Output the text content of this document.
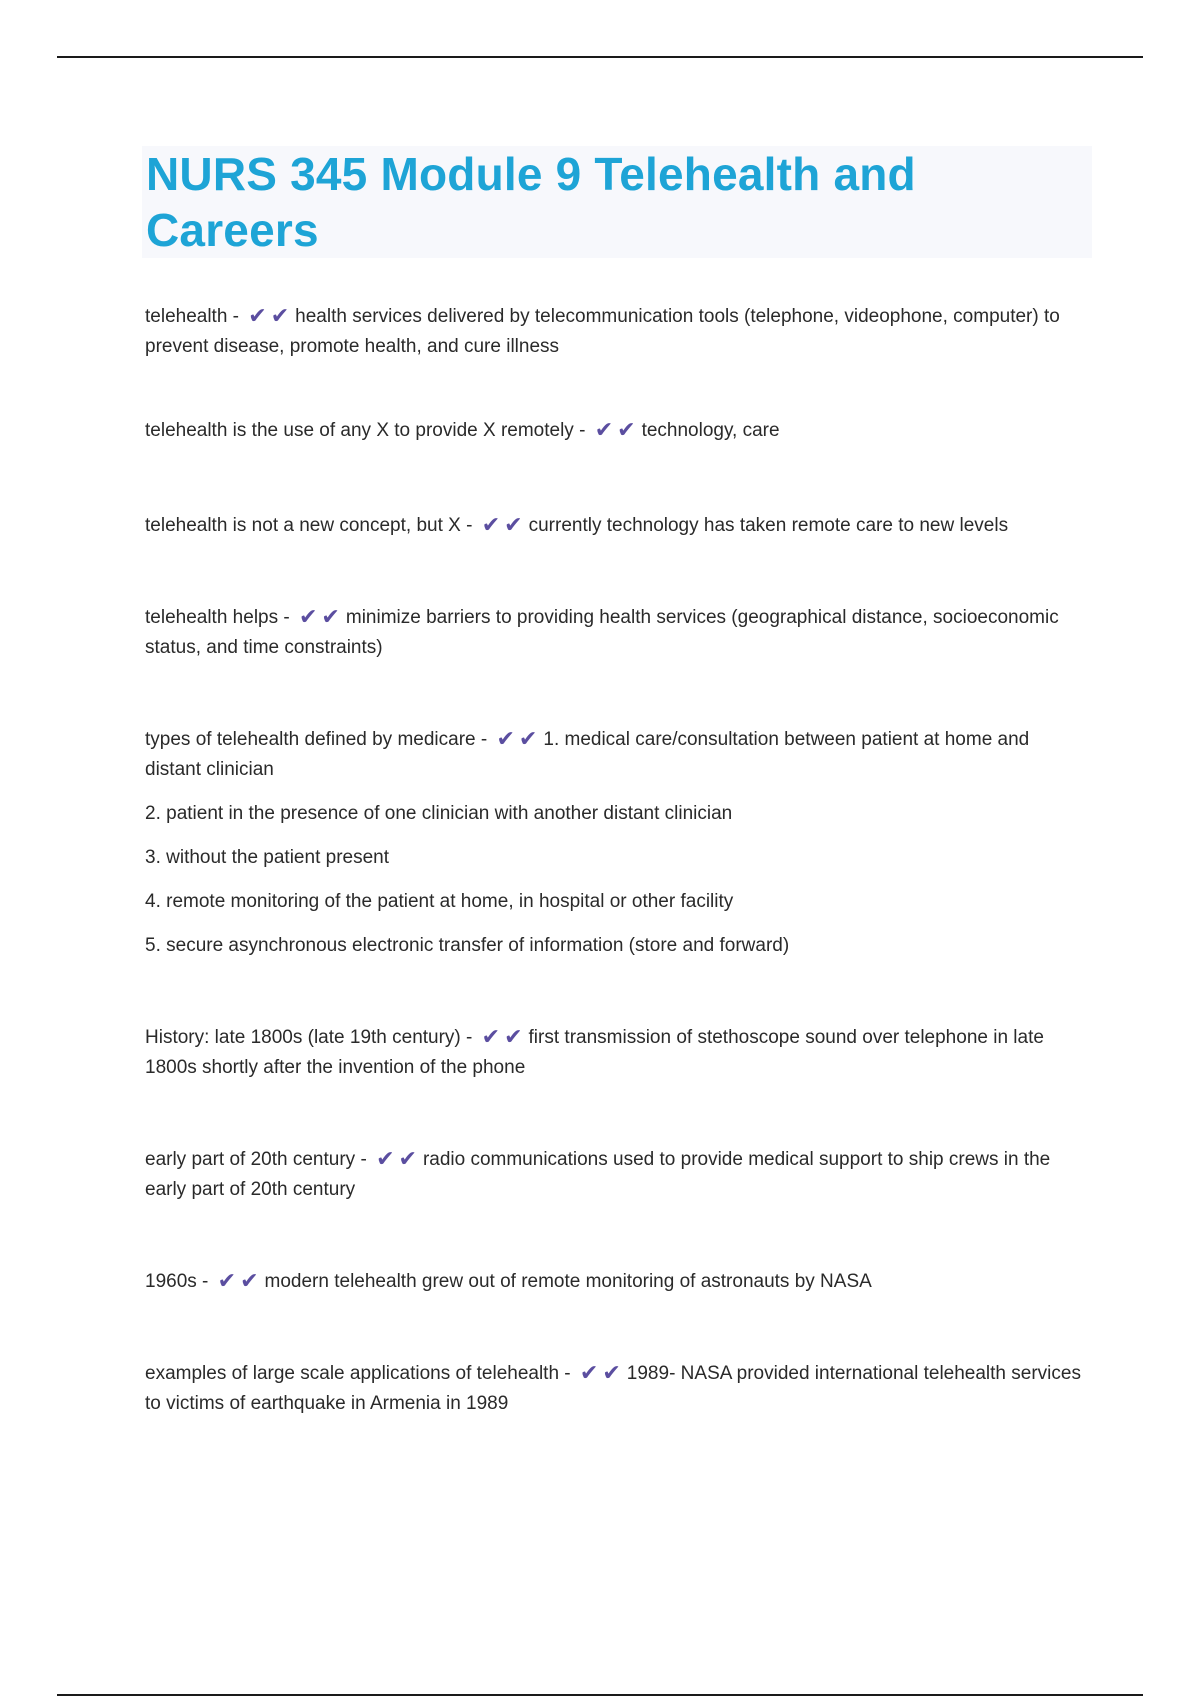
NURS 345 Module 9 Telehealth and Careers

telehealth - ✔✔ health services delivered by telecommunication tools (telephone, videophone, computer) to prevent disease, promote health, and cure illness

telehealth is the use of any X to provide X remotely - ✔✔ technology, care

telehealth is not a new concept, but X - ✔✔ currently technology has taken remote care to new levels

telehealth helps - ✔✔ minimize barriers to providing health services (geographical distance, socioeconomic status, and time constraints)

types of telehealth defined by medicare - ✔✔ 1. medical care/consultation between patient at home and distant clinician

2. patient in the presence of one clinician with another distant clinician

3. without the patient present

4. remote monitoring of the patient at home, in hospital or other facility

5. secure asynchronous electronic transfer of information (store and forward)

History: late 1800s (late 19th century) - ✔✔ first transmission of stethoscope sound over telephone in late 1800s shortly after the invention of the phone

early part of 20th century - ✔✔ radio communications used to provide medical support to ship crews in the early part of 20th century

1960s - ✔✔ modern telehealth grew out of remote monitoring of astronauts by NASA

examples of large scale applications of telehealth - ✔✔ 1989- NASA provided international telehealth services to victims of earthquake in Armenia in 1989
